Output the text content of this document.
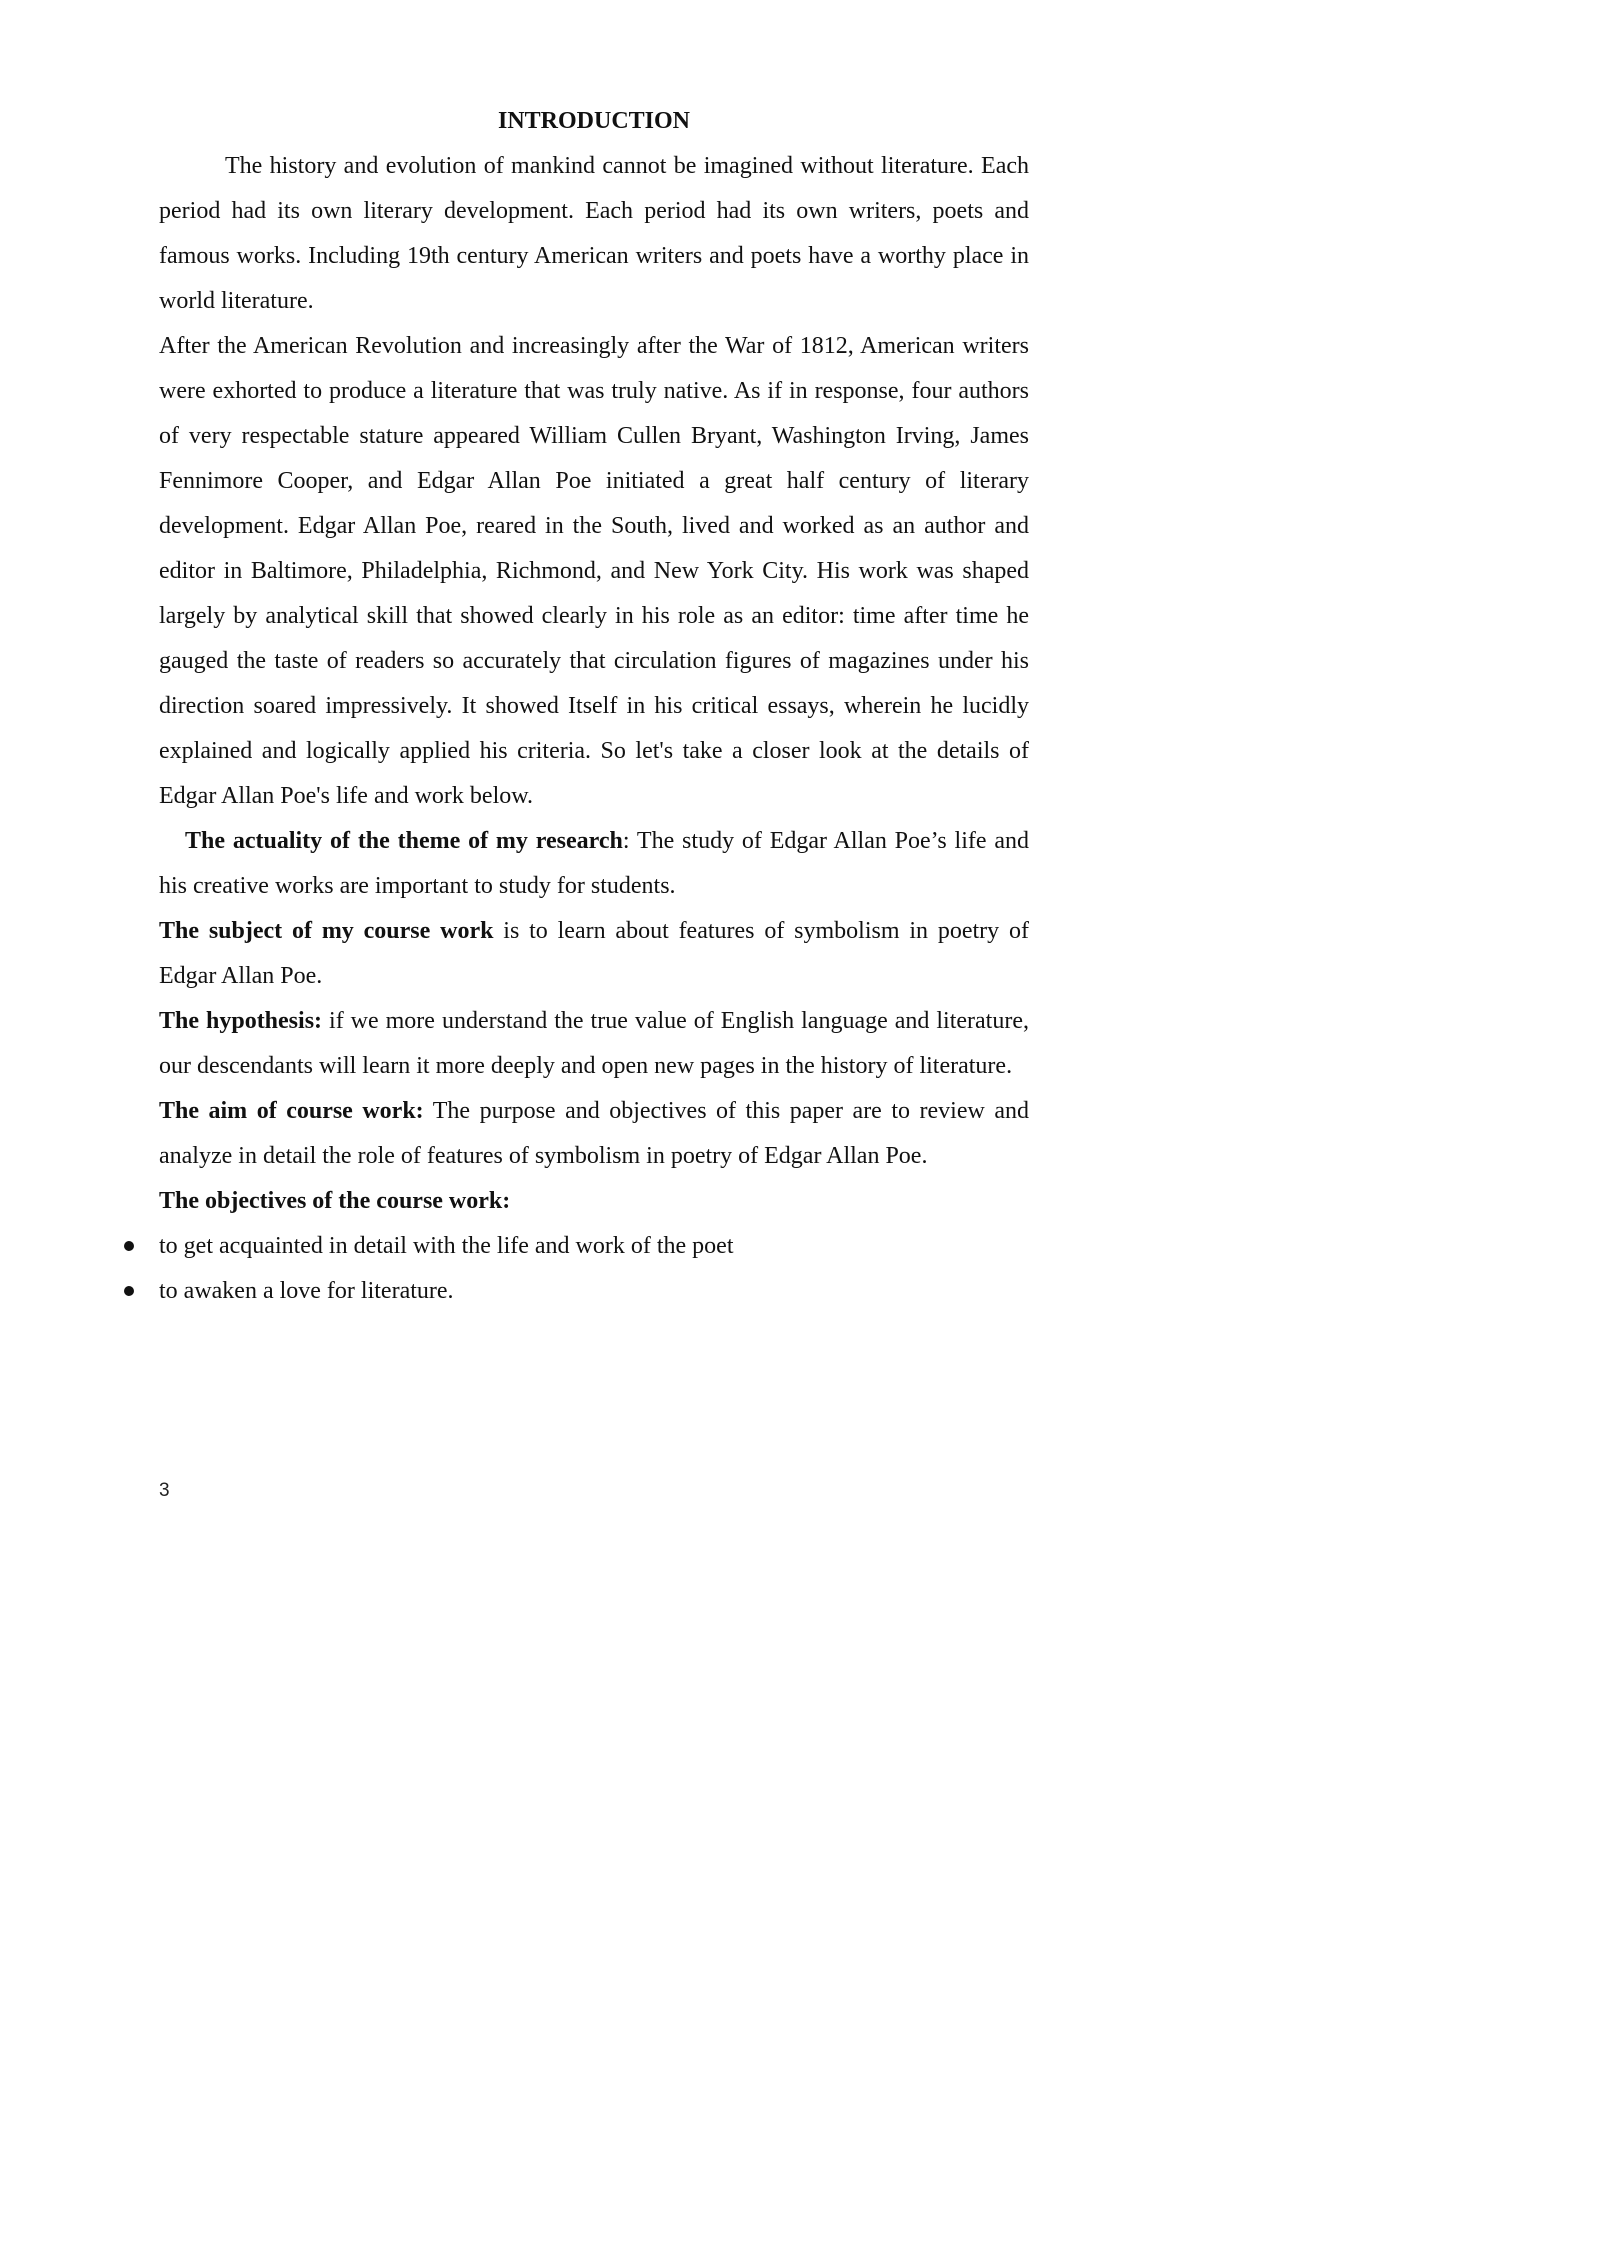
INTRODUCTION

The history and evolution of mankind cannot be imagined without literature. Each period had its own literary development. Each period had its own writers, poets and famous works. Including 19th century American writers and poets have a worthy place in world literature.

After the American Revolution and increasingly after the War of 1812, American writers were exhorted to produce a literature that was truly native. As if in response, four authors of very respectable stature appeared William Cullen Bryant, Washington Irving, James Fennimore Cooper, and Edgar Allan Poe initiated a great half century of literary development. Edgar Allan Poe, reared in the South, lived and worked as an author and editor in Baltimore, Philadelphia, Richmond, and New York City. His work was shaped largely by analytical skill that showed clearly in his role as an editor: time after time he gauged the taste of readers so accurately that circulation figures of magazines under his direction soared impressively. It showed Itself in his critical essays, wherein he lucidly explained and logically applied his criteria. So let's take a closer look at the details of Edgar Allan Poe's life and work below.

The actuality of the theme of my research: The study of Edgar Allan Poe’s life and his creative works are important to study for students.

The subject of my course work is to learn about features of symbolism in poetry of Edgar Allan Poe.

The hypothesis: if we more understand the true value of English language and literature, our descendants will learn it more deeply and open new pages in the history of literature.

The aim of course work: The purpose and objectives of this paper are to review and analyze in detail the role of features of symbolism in poetry of Edgar Allan Poe.

The objectives of the course work:

to get acquainted in detail with the life and work of the poet
to awaken a love for literature.
3
